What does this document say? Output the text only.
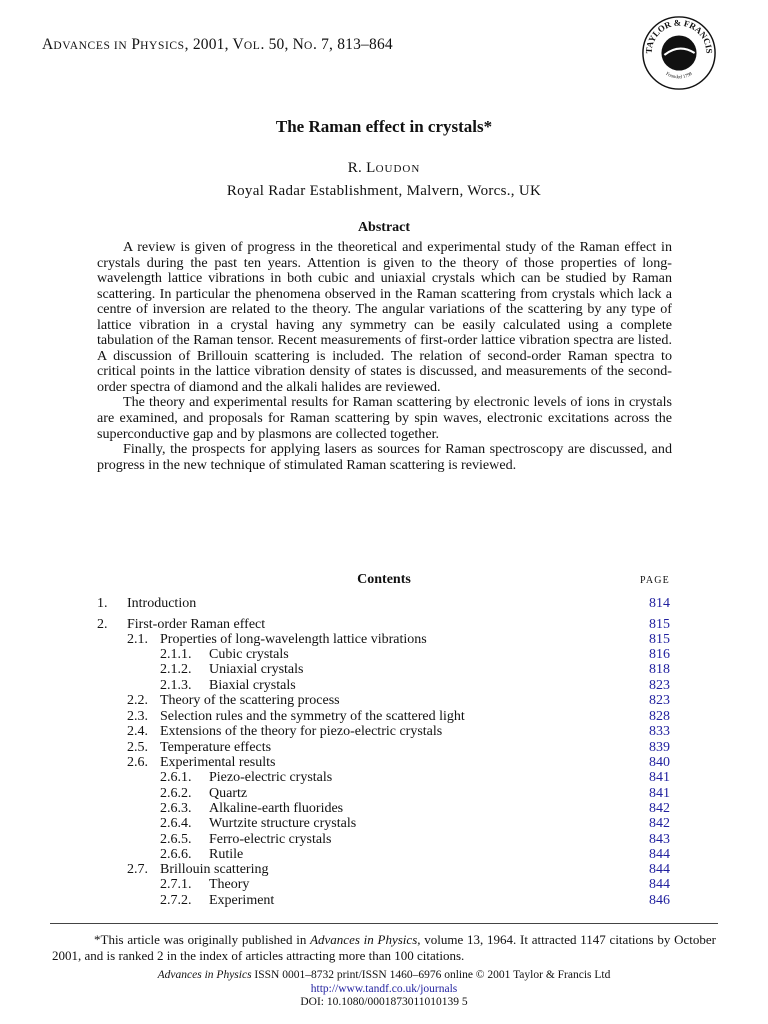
ADVANCES IN PHYSICS, 2001, VOL. 50, NO. 7, 813–864	TAYLOR & FRANCIS
Founded 1798
The Raman effect in crystals*
R. LOUDON
Royal Radar Establishment, Malvern, Worcs., UK
Abstract

A review is given of progress in the theoretical and experimental study of the Raman effect in crystals during the past ten years. Attention is given to the theory of those properties of long-wavelength lattice vibrations in both cubic and uniaxial crystals which can be studied by Raman scattering. In particular the phenomena observed in the Raman scattering from crystals which lack a centre of inversion are related to the theory. The angular variations of the scattering by any type of lattice vibration in a crystal having any symmetry can be easily calculated using a complete tabulation of the Raman tensor. Recent measurements of first-order lattice vibration spectra are listed. A discussion of Brillouin scattering is included. The relation of second-order Raman spectra to critical points in the lattice vibration density of states is discussed, and measurements of the second-order spectra of diamond and the alkali halides are reviewed.

The theory and experimental results for Raman scattering by electronic levels of ions in crystals are examined, and proposals for Raman scattering by spin waves, electronic excitations across the superconductive gap and by plasmons are collected together.

Finally, the prospects for applying lasers as sources for Raman spectroscopy are discussed, and progress in the new technique of stimulated Raman scattering is reviewed.

Contents	PAGE
1. Introduction	814
2. First-order Raman effect	815
2.1. Properties of long-wavelength lattice vibrations	815
2.1.1. Cubic crystals	816
2.1.2. Uniaxial crystals	818
2.1.3. Biaxial crystals	823
2.2. Theory of the scattering process	823
2.3. Selection rules and the symmetry of the scattered light	828
2.4. Extensions of the theory for piezo-electric crystals	833
2.5. Temperature effects	839
2.6. Experimental results	840
2.6.1. Piezo-electric crystals	841
2.6.2. Quartz	841
2.6.3. Alkaline-earth fluorides	842
2.6.4. Wurtzite structure crystals	842
2.6.5. Ferro-electric crystals	843
2.6.6. Rutile	844
2.7. Brillouin scattering	844
2.7.1. Theory	844
2.7.2. Experiment	846

*This article was originally published in Advances in Physics, volume 13, 1964. It attracted 1147 citations by October 2001, and is ranked 2 in the index of articles attracting more than 100 citations.

Advances in Physics ISSN 0001–8732 print/ISSN 1460–6976 online © 2001 Taylor & Francis Ltd
http://www.tandf.co.uk/journals
DOI: 10.1080/0001873011010139 5
